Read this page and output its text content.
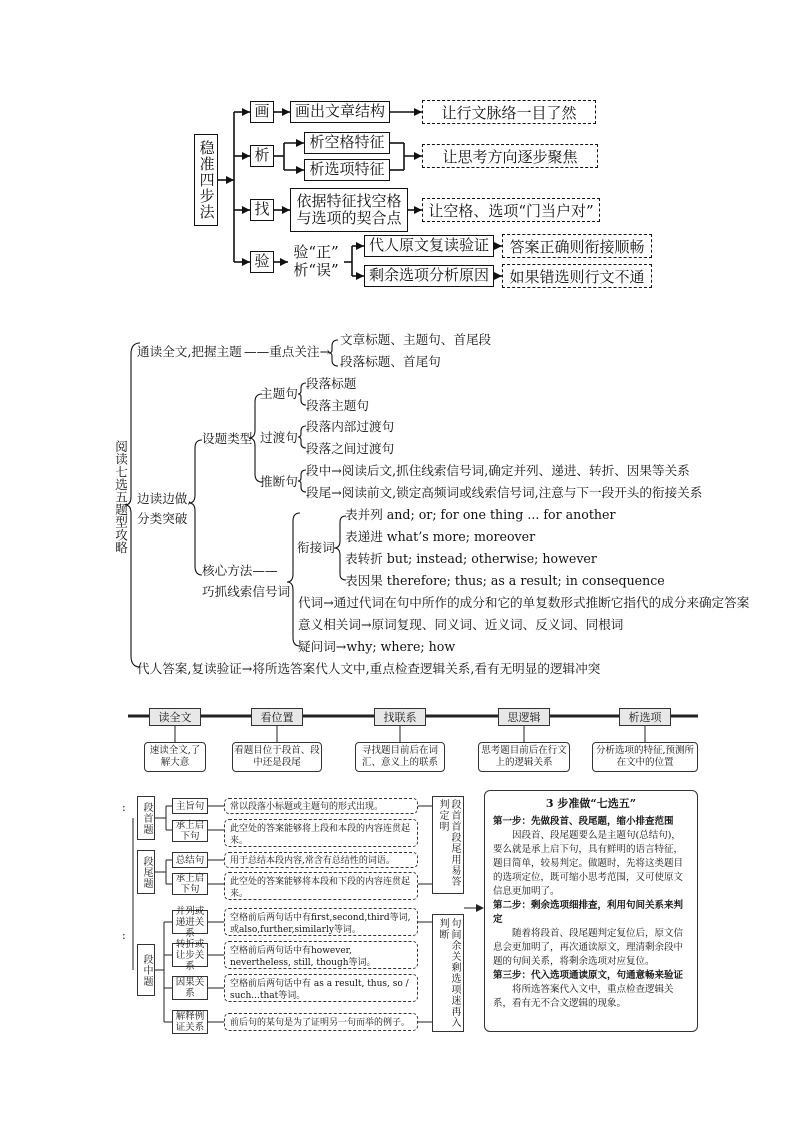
稳准四步法
画 画出文章结构	让行文脉络一目了然
析
析空格特征
析选项特征
让思考方向逐步聚焦
找 依据特征找空格
与选项的契合点 让空格、选项“门当户对”
验
验“正”
析“误”
代人原文复读验证
剩余选项分析原因
答案正确则衔接顺畅
如果错选则行文不通
阅读七选五题型攻略
通读全文,把握主题 ——重点关注→
文章标题、主题句、首尾段
段落标题、首尾句
边读边做,
分类突破
设题类型
主题句
段落标题
段落主题句
过渡句
段落内部过渡句
段落之间过渡句
推断句
段中→阅读后文,抓住线索信号词,确定并列、递进、转折、因果等关系
段尾→阅读前文,锁定高频词或线索信号词,注意与下一段开头的衔接关系
核心方法——
巧抓线索信号词
衔接词
表并列 and; or; for one thing ... for another
表递进 what’s more; moreover
表转折 but; instead; otherwise; however
表因果 therefore; thus; as a result; in consequence
代词→通过代词在句中所作的成分和它的单复数形式推断它指代的成分来确定答案
意义相关词→原词复现、同义词、近义词、反义词、同根词
疑问词→why; where; how
代人答案,复读验证→将所选答案代人文中,重点检查逻辑关系,看有无明显的逻辑冲突
读全文	看位置	找联系	思逻辑	析选项
速读全文,了解大意
看题目位于段首、段中还是段尾
寻找题目前后在词汇、意义上的联系
思考题目前后在行文上的逻辑关系
分析选项的特征,预测所在文中的位置
:
:
段首题 主旨句
承上启下句
常以段落小标题或主题句的形式出现。
此空处的答案能够将上段和本段的内容连贯起来。
段尾题 总结句
承上启下句
用于总结本段内容,常含有总结性的词语。
此空处的答案能够将本段和下段的内容连贯起来。
段中题
并列或递进关系
转折或让步关系
因果关系
解释例证关系
空格前后两句话中有first,second,third等词,或also,further,similarly等词。
空格前后两句话中有however, nevertheless, still, though等词。
空格前后两句话中有 as a result, thus, so / such...that等词。
前后句的某句是为了证明另一句而举的例子。
段首首段尾用易答判定明
句间余关剩选项迷再入判断
3 步准做“七选五”
第一步：先做段首、段尾题，缩小排查范围
因段首、段尾题要么是主题句(总结句)，要么就是承上启下句，具有鲜明的语言特征，题目简单，较易判定。做题时，先将这类题目的选项定位，既可缩小思考范围，又可使原文信息更加明了。
第二步：剩余选项细排查，利用句间关系来判定
随着将段首、段尾题判定复位后，原文信息会更加明了，再次通读原文，理清剩余段中题的句间关系，将剩余选项对应复位。
第三步：代入选项通读原文，句通意畅来验证
将所选答案代入文中，重点检查逻辑关系，看有无不合文逻辑的现象。
